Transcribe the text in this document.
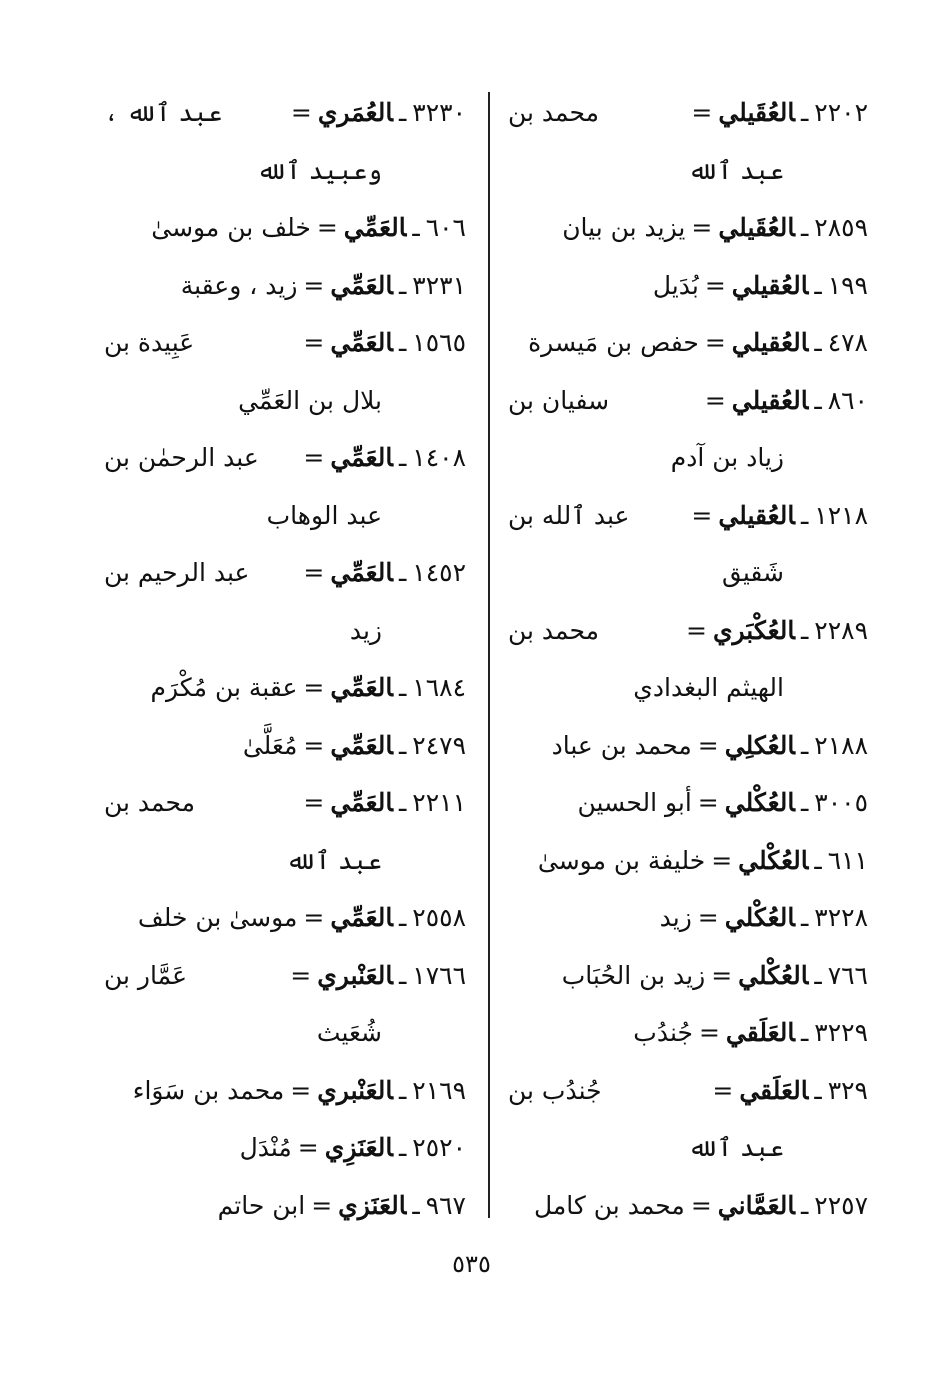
٢٢٠٢ـالعُقَيلي=
محمد بن
عبد ٱلله
٢٨٥٩ـالعُقَيلي=
يزيد بن بيان
١٩٩ـالعُقيلي=
بُدَيل
٤٧٨ـالعُقيلي=
حفص بن مَيسرة
٨٦٠ـالعُقيلي=
سفيان بن
زياد بن آدم
١٢١٨ـالعُقيلي=
عبد ٱلله بن
شَقيق
٢٢٨٩ـالعُكْبَري=
محمد بن
الهيثم البغدادي
٢١٨٨ـالعُكلِي=
محمد بن عباد
٣٠٠٥ـالعُكْلي=
أبو الحسين
٦١١ـالعُكْلي=
خليفة بن موسىٰ
٣٢٢٨ـالعُكْلي=
زيد
٧٦٦ـالعُكْلي=
زيد بن الحُبَاب
٣٢٢٩ـالعَلَقي=
جُندُب
٣٢٩ـالعَلَقي=
جُندُب بن
عبد ٱلله
٢٢٥٧ـالعَمَّاني=
محمد بن كامل
٣٢٣٠ـالعُمَري=
عبد ٱلله ،
وعبيد ٱلله
٦٠٦ـالعَمِّي=
خلف بن موسىٰ
٣٢٣١ـالعَمِّي=
زيد ، وعقبة
١٥٦٥ـالعَمِّي=
عَبِيدة بن
بلال بن العَمِّي
١٤٠٨ـالعَمِّي=
عبد الرحمٰن بن
عبد الوهاب
١٤٥٢ـالعَمِّي=
عبد الرحيم بن
زيد
١٦٨٤ـالعَمِّي=
عقبة بن مُكْرَم
٢٤٧٩ـالعَمِّي=
مُعَلَّىٰ
٢٢١١ـالعَمِّي=
محمد بن
عبد ٱلله
٢٥٥٨ـالعَمِّي=
موسىٰ بن خلف
١٧٦٦ـالعَنْبري=
عَمَّار بن
شُعَيث
٢١٦٩ـالعَنْبري=
محمد بن سَوَاء
٢٥٢٠ـالعَنَزِي=
مُنْدَل
٩٦٧ـالعَنَزي=
ابن حاتم
٥٣٥
